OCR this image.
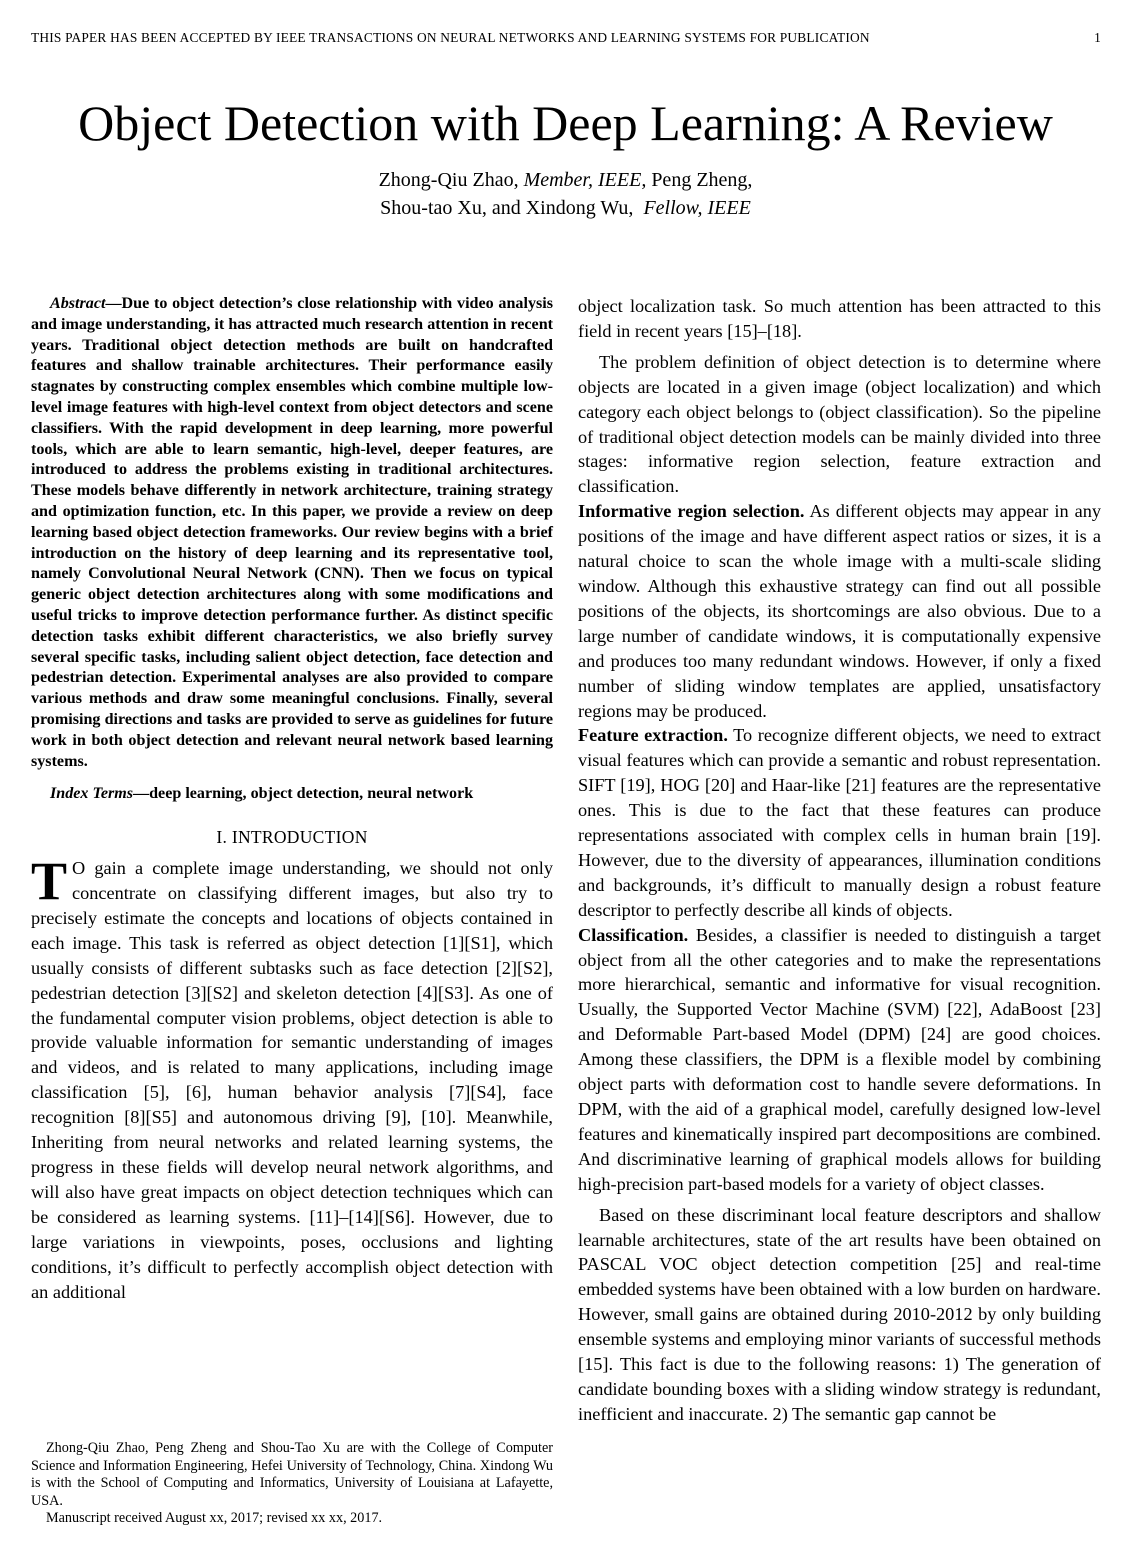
THIS PAPER HAS BEEN ACCEPTED BY IEEE TRANSACTIONS ON NEURAL NETWORKS AND LEARNING SYSTEMS FOR PUBLICATION	1
Object Detection with Deep Learning: A Review
Zhong-Qiu Zhao, Member, IEEE, Peng Zheng,
Shou-tao Xu, and Xindong Wu, Fellow, IEEE

Abstract—Due to object detection’s close relationship with video analysis and image understanding, it has attracted much research attention in recent years. Traditional object detection methods are built on handcrafted features and shallow trainable architectures. Their performance easily stagnates by constructing complex ensembles which combine multiple low-level image features with high-level context from object detectors and scene classifiers. With the rapid development in deep learning, more powerful tools, which are able to learn semantic, high-level, deeper features, are introduced to address the problems existing in traditional architectures. These models behave differently in network architecture, training strategy and optimization function, etc. In this paper, we provide a review on deep learning based object detection frameworks. Our review begins with a brief introduction on the history of deep learning and its representative tool, namely Convolutional Neural Network (CNN). Then we focus on typical generic object detection architectures along with some modifications and useful tricks to improve detection performance further. As distinct specific detection tasks exhibit different characteristics, we also briefly survey several specific tasks, including salient object detection, face detection and pedestrian detection. Experimental analyses are also provided to compare various methods and draw some meaningful conclusions. Finally, several promising directions and tasks are provided to serve as guidelines for future work in both object detection and relevant neural network based learning systems.

Index Terms—deep learning, object detection, neural network

I. INTRODUCTION

T O gain a complete image understanding, we should not only concentrate on classifying different images, but also try to precisely estimate the concepts and locations of objects contained in each image. This task is referred as object detection [1][S1], which usually consists of different subtasks such as face detection [2][S2], pedestrian detection [3][S2] and skeleton detection [4][S3]. As one of the fundamental computer vision problems, object detection is able to provide valuable information for semantic understanding of images and videos, and is related to many applications, including image classification [5], [6], human behavior analysis [7][S4], face recognition [8][S5] and autonomous driving [9], [10]. Meanwhile, Inheriting from neural networks and related learning systems, the progress in these fields will develop neural network algorithms, and will also have great impacts on object detection techniques which can be considered as learning systems. [11]–[14][S6]. However, due to large variations in viewpoints, poses, occlusions and lighting conditions, it’s difficult to perfectly accomplish object detection with an additional

Zhong-Qiu Zhao, Peng Zheng and Shou-Tao Xu are with the College of Computer Science and Information Engineering, Hefei University of Technology, China. Xindong Wu is with the School of Computing and Informatics, University of Louisiana at Lafayette, USA.

Manuscript received August xx, 2017; revised xx xx, 2017.

object localization task. So much attention has been attracted to this field in recent years [15]–[18].

The problem definition of object detection is to determine where objects are located in a given image (object localization) and which category each object belongs to (object classification). So the pipeline of traditional object detection models can be mainly divided into three stages: informative region selection, feature extraction and classification.

Informative region selection. As different objects may appear in any positions of the image and have different aspect ratios or sizes, it is a natural choice to scan the whole image with a multi-scale sliding window. Although this exhaustive strategy can find out all possible positions of the objects, its shortcomings are also obvious. Due to a large number of candidate windows, it is computationally expensive and produces too many redundant windows. However, if only a fixed number of sliding window templates are applied, unsatisfactory regions may be produced.

Feature extraction. To recognize different objects, we need to extract visual features which can provide a semantic and robust representation. SIFT [19], HOG [20] and Haar-like [21] features are the representative ones. This is due to the fact that these features can produce representations associated with complex cells in human brain [19]. However, due to the diversity of appearances, illumination conditions and backgrounds, it’s difficult to manually design a robust feature descriptor to perfectly describe all kinds of objects.

Classification. Besides, a classifier is needed to distinguish a target object from all the other categories and to make the representations more hierarchical, semantic and informative for visual recognition. Usually, the Supported Vector Machine (SVM) [22], AdaBoost [23] and Deformable Part-based Model (DPM) [24] are good choices. Among these classifiers, the DPM is a flexible model by combining object parts with deformation cost to handle severe deformations. In DPM, with the aid of a graphical model, carefully designed low-level features and kinematically inspired part decompositions are combined. And discriminative learning of graphical models allows for building high-precision part-based models for a variety of object classes.

Based on these discriminant local feature descriptors and shallow learnable architectures, state of the art results have been obtained on PASCAL VOC object detection competition [25] and real-time embedded systems have been obtained with a low burden on hardware. However, small gains are obtained during 2010-2012 by only building ensemble systems and employing minor variants of successful methods [15]. This fact is due to the following reasons: 1) The generation of candidate bounding boxes with a sliding window strategy is redundant, inefficient and inaccurate. 2) The semantic gap cannot be
